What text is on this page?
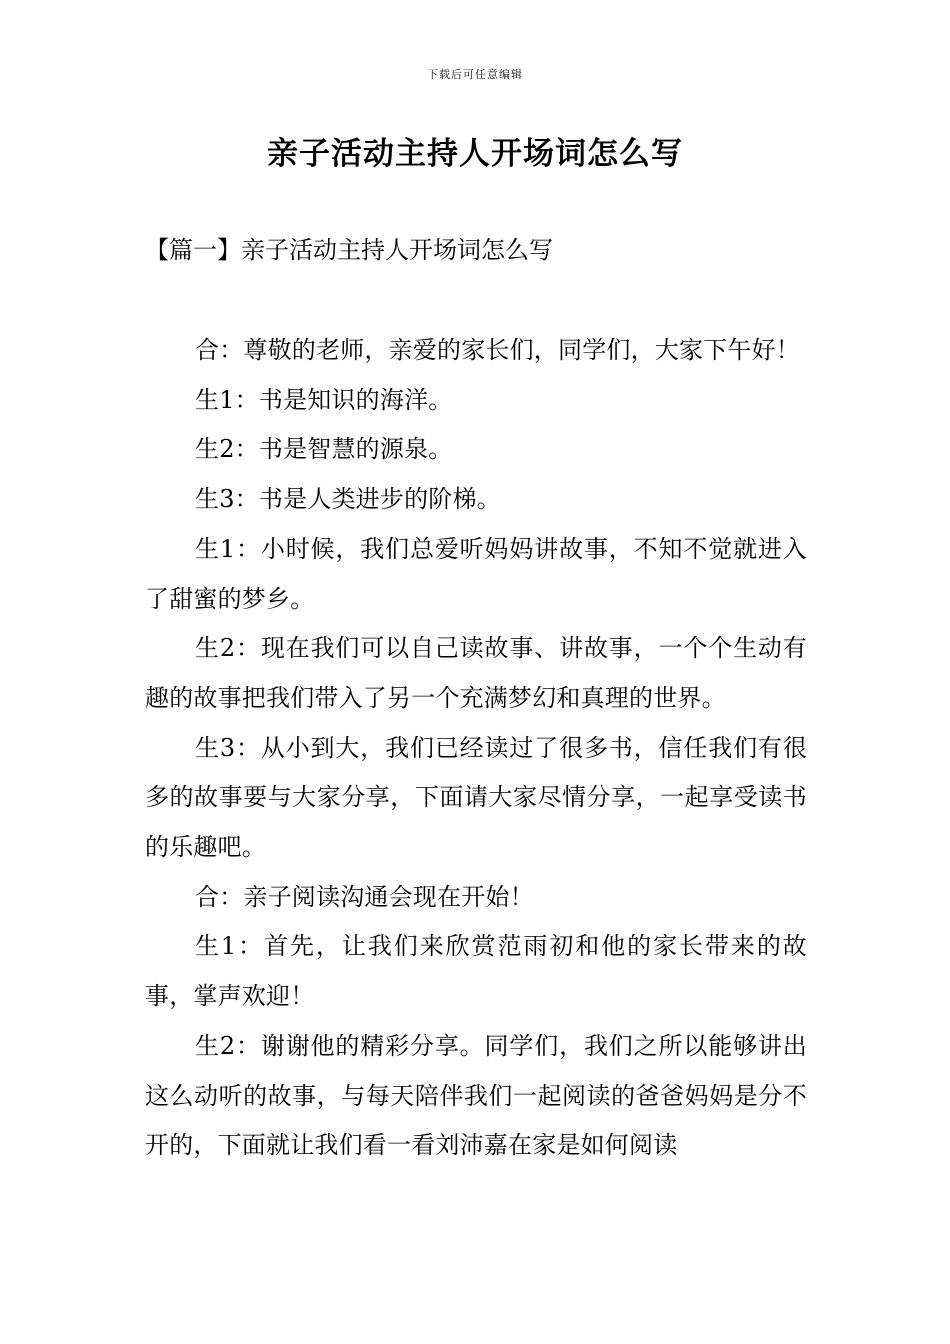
下载后可任意编辑
亲子活动主持人开场词怎么写
【篇一】亲子活动主持人开场词怎么写

合：尊敬的老师，亲爱的家长们，同学们，大家下午好！

生1：书是知识的海洋。

生2：书是智慧的源泉。

生3：书是人类进步的阶梯。

生1：小时候，我们总爱听妈妈讲故事，不知不觉就进入了甜蜜的梦乡。

生2：现在我们可以自己读故事、讲故事，一个个生动有趣的故事把我们带入了另一个充满梦幻和真理的世界。

生3：从小到大，我们已经读过了很多书，信任我们有很多的故事要与大家分享，下面请大家尽情分享，一起享受读书的乐趣吧。

合：亲子阅读沟通会现在开始！

生1：首先，让我们来欣赏范雨初和他的家长带来的故事，掌声欢迎！

生2：谢谢他的精彩分享。同学们，我们之所以能够讲出这么动听的故事，与每天陪伴我们一起阅读的爸爸妈妈是分不开的，下面就让我们看一看刘沛嘉在家是如何阅读
